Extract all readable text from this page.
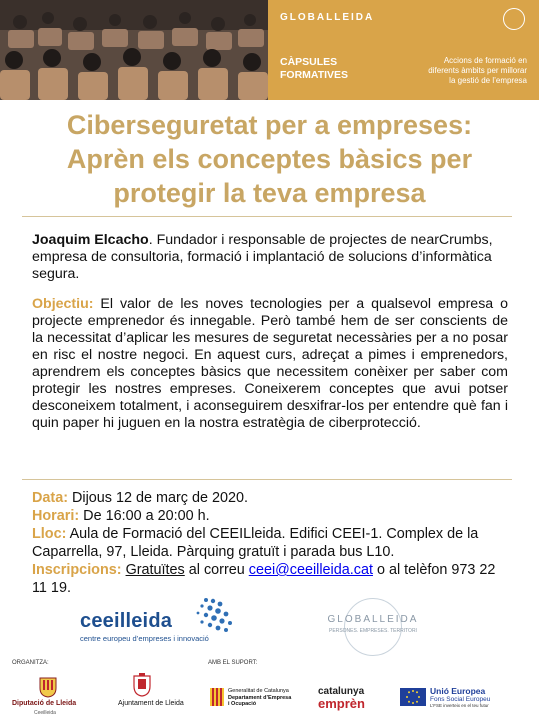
GLOBALLEIDA
CÀPSULES
FORMATIVES
Accions de formació en
diferents àmbits per millorar
la gestió de l’empresa
Ciberseguretat per a empreses:
Aprèn els conceptes bàsics per
protegir la teva empresa
Joaquim Elcacho. Fundador i responsable de projectes de nearCrumbs, empresa de consultoria, formació i implantació de solucions d’informàtica segura.
Objectiu: El valor de les noves tecnologies per a qualsevol empresa o projecte emprenedor és innegable. Però també hem de ser conscients de la necessitat d’aplicar les mesures de seguretat necessàries per a no posar en risc el nostre negoci. En aquest curs, adreçat a pimes i emprenedors, aprendrem els conceptes bàsics que necessitem conèixer per saber com protegir les nostres empreses. Coneixerem conceptes que avui potser desconeixem totalment, i aconseguirem desxifrar-los per entendre què fan i quin paper hi juguen en la nostra estratègia de ciberprotecció.
Data: Dijous 12 de març de 2020.
Horari: De 16:00 a 20:00 h.
Lloc: Aula de Formació del CEEILleida. Edifici CEEI-1. Complex de la Caparrella, 97, Lleida. Pàrquing gratuït i parada bus L10.
Inscripcions: Gratuïtes al correu ceei@ceeilleida.cat o al telèfon 973 22 11 19.
ceeilleida
centre europeu d’empreses i innovació
GLOBALLEIDA
PERSONES. EMPRESES. TERRITORI
ORGANITZA:	AMB EL SUPORT:
Diputació de Lleida
Ceeilleida
Ajuntament de Lleida
Generalitat de Catalunya
Departament d’Empresa
i Ocupació
catalunya
emprèn
Unió Europea
Fons Social Europeu
L’FSE inverteix en el teu futur
